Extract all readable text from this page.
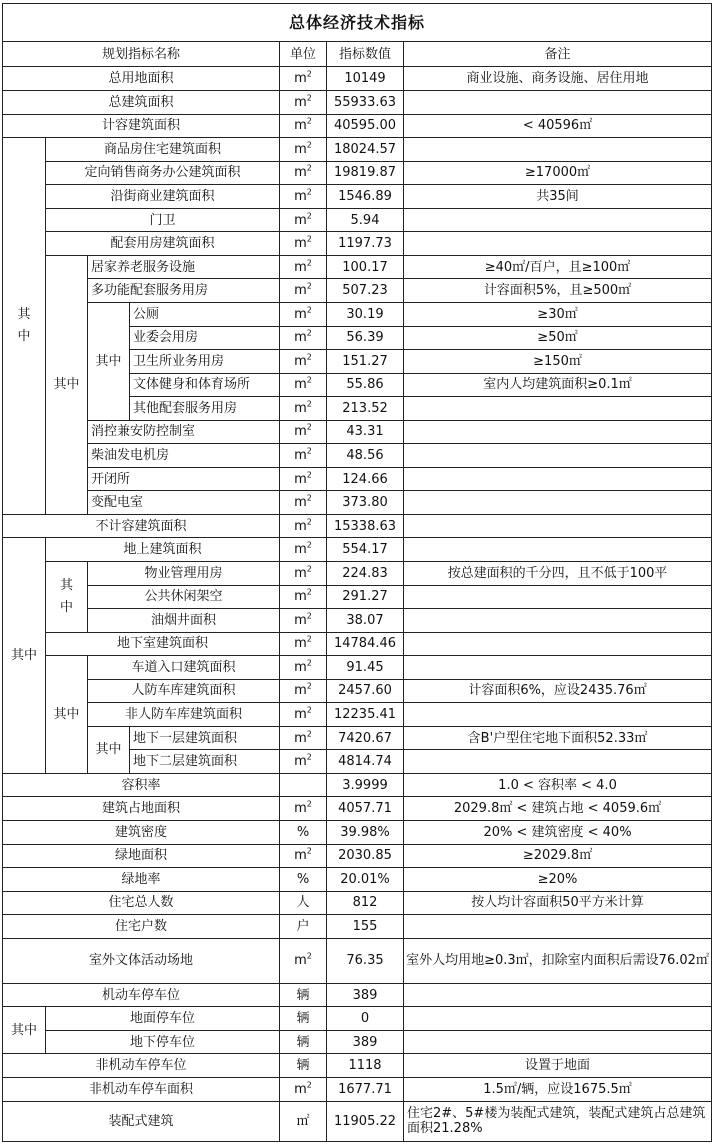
总体经济技术指标						
规划指标名称				单位	指标数值	备注
总用地面积				$m^2$	10149	商业设施、商务设施、居住用地
总建筑面积				$m^2$	55933.63	
计容建筑面积				$m^2$	40595.00	< 40596㎡
其
中	商品房住宅建筑面积			$m^2$	18024.57	
	定向销售商务办公建筑面积			$m^2$	19819.87	≥17000㎡
	沿街商业建筑面积			$m^2$	1546.89	共35间
	门卫			$m^2$	5.94	
	配套用房建筑面积			$m^2$	1197.73	
	其中	居家养老服务设施		$m^2$	100.17	≥40㎡/百户，且≥100㎡
		多功能配套服务用房		$m^2$	507.23	计容面积5%，且≥500㎡
		其中	公厕	$m^2$	30.19	≥30㎡
			业委会用房	$m^2$	56.39	≥50㎡
			卫生所业务用房	$m^2$	151.27	≥150㎡
			文体健身和体育场所	$m^2$	55.86	室内人均建筑面积≥0.1㎡
			其他配套服务用房	$m^2$	213.52	
		消控兼安防控制室		$m^2$	43.31	
		柴油发电机房		$m^2$	48.56	
		开闭所		$m^2$	124.66	
		变配电室		$m^2$	373.80	
不计容建筑面积				$m^2$	15338.63	
其中	地上建筑面积			$m^2$	554.17	
	其
中	物业管理用房		$m^2$	224.83	按总建面积的千分四，且不低于100平
		公共休闲架空		$m^2$	291.27	
		油烟井面积		$m^2$	38.07	
	地下室建筑面积			$m^2$	14784.46	
	其中	车道入口建筑面积		$m^2$	91.45	
		人防车库建筑面积		$m^2$	2457.60	计容面积6%，应设2435.76㎡
		非人防车库建筑面积		$m^2$	12235.41	
		其中	地下一层建筑面积	$m^2$	7420.67	含B'户型住宅地下面积52.33㎡
			地下二层建筑面积	$m^2$	4814.74	
容积率					3.9999	1.0 < 容积率 < 4.0
建筑占地面积				$m^2$	4057.71	2029.8㎡ < 建筑占地 < 4059.6㎡
建筑密度				%	39.98%	20% < 建筑密度 < 40%
绿地面积				$m^2$	2030.85	≥2029.8㎡
绿地率				%	20.01%	≥20%
住宅总人数				人	812	按人均计容面积50平方米计算
住宅户数				户	155	
室外文体活动场地				$m^2$	76.35	室外人均用地≥0.3㎡，扣除室内面积后需设76.02㎡
机动车停车位				辆	389	
其中	地面停车位			辆	0	
	地下停车位			辆	389	
非机动车停车位				辆	1118	设置于地面
非机动车停车面积				$m^2$	1677.71	1.5㎡/辆，应设1675.5㎡
装配式建筑				㎡	11905.22	住宅2#、5#楼为装配式建筑，装配式建筑占总建筑面积21.28%
